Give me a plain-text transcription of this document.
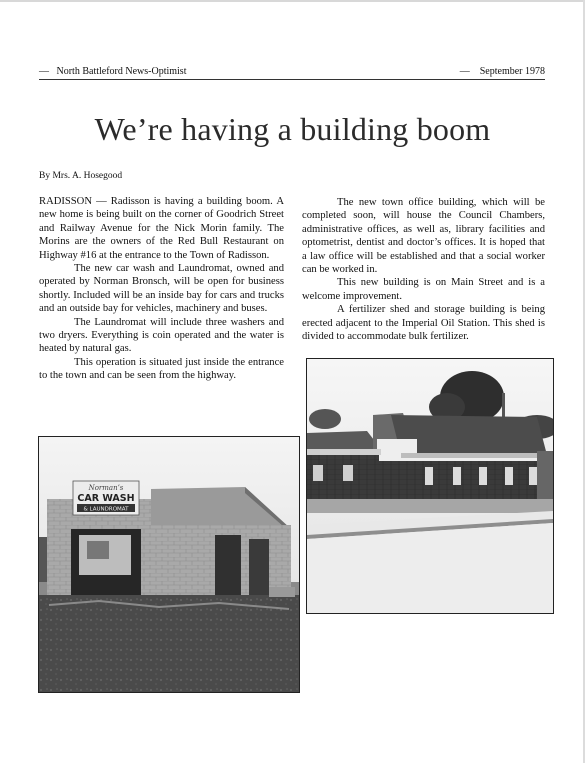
— North Battleford News-Optimist	— September 1978
We’re having a building boom
By Mrs. A. Hosegood

RADISSON — Radisson is having a building boom. A new home is being built on the corner of Goodrich Street and Railway Avenue for the Nick Morin family. The Morins are the owners of the Red Bull Restaurant on Highway #16 at the entrance to the Town of Radisson.

The new car wash and Laundromat, owned and operated by Norman Bronsch, will be open for business shortly. Included will be an inside bay for cars and trucks and an outside bay for vehicles, machinery and buses.

The Laundromat will include three washers and two dryers. Everything is coin operated and the water is heated by natural gas.

This operation is situated just inside the entrance to the town and can be seen from the highway.

The new town office building, which will be completed soon, will house the Council Chambers, administrative offices, as well as, library facilities and optometrist, dentist and doctor’s offices. It is hoped that a law office will be established and that a social worker can be worked in.

This new building is on Main Street and is a welcome improvement.

A fertilizer shed and storage building is being erected adjacent to the Imperial Oil Station. This shed is divided to accommodate bulk fertilizer.

Norman’s
CAR WASH
& LAUNDROMAT
